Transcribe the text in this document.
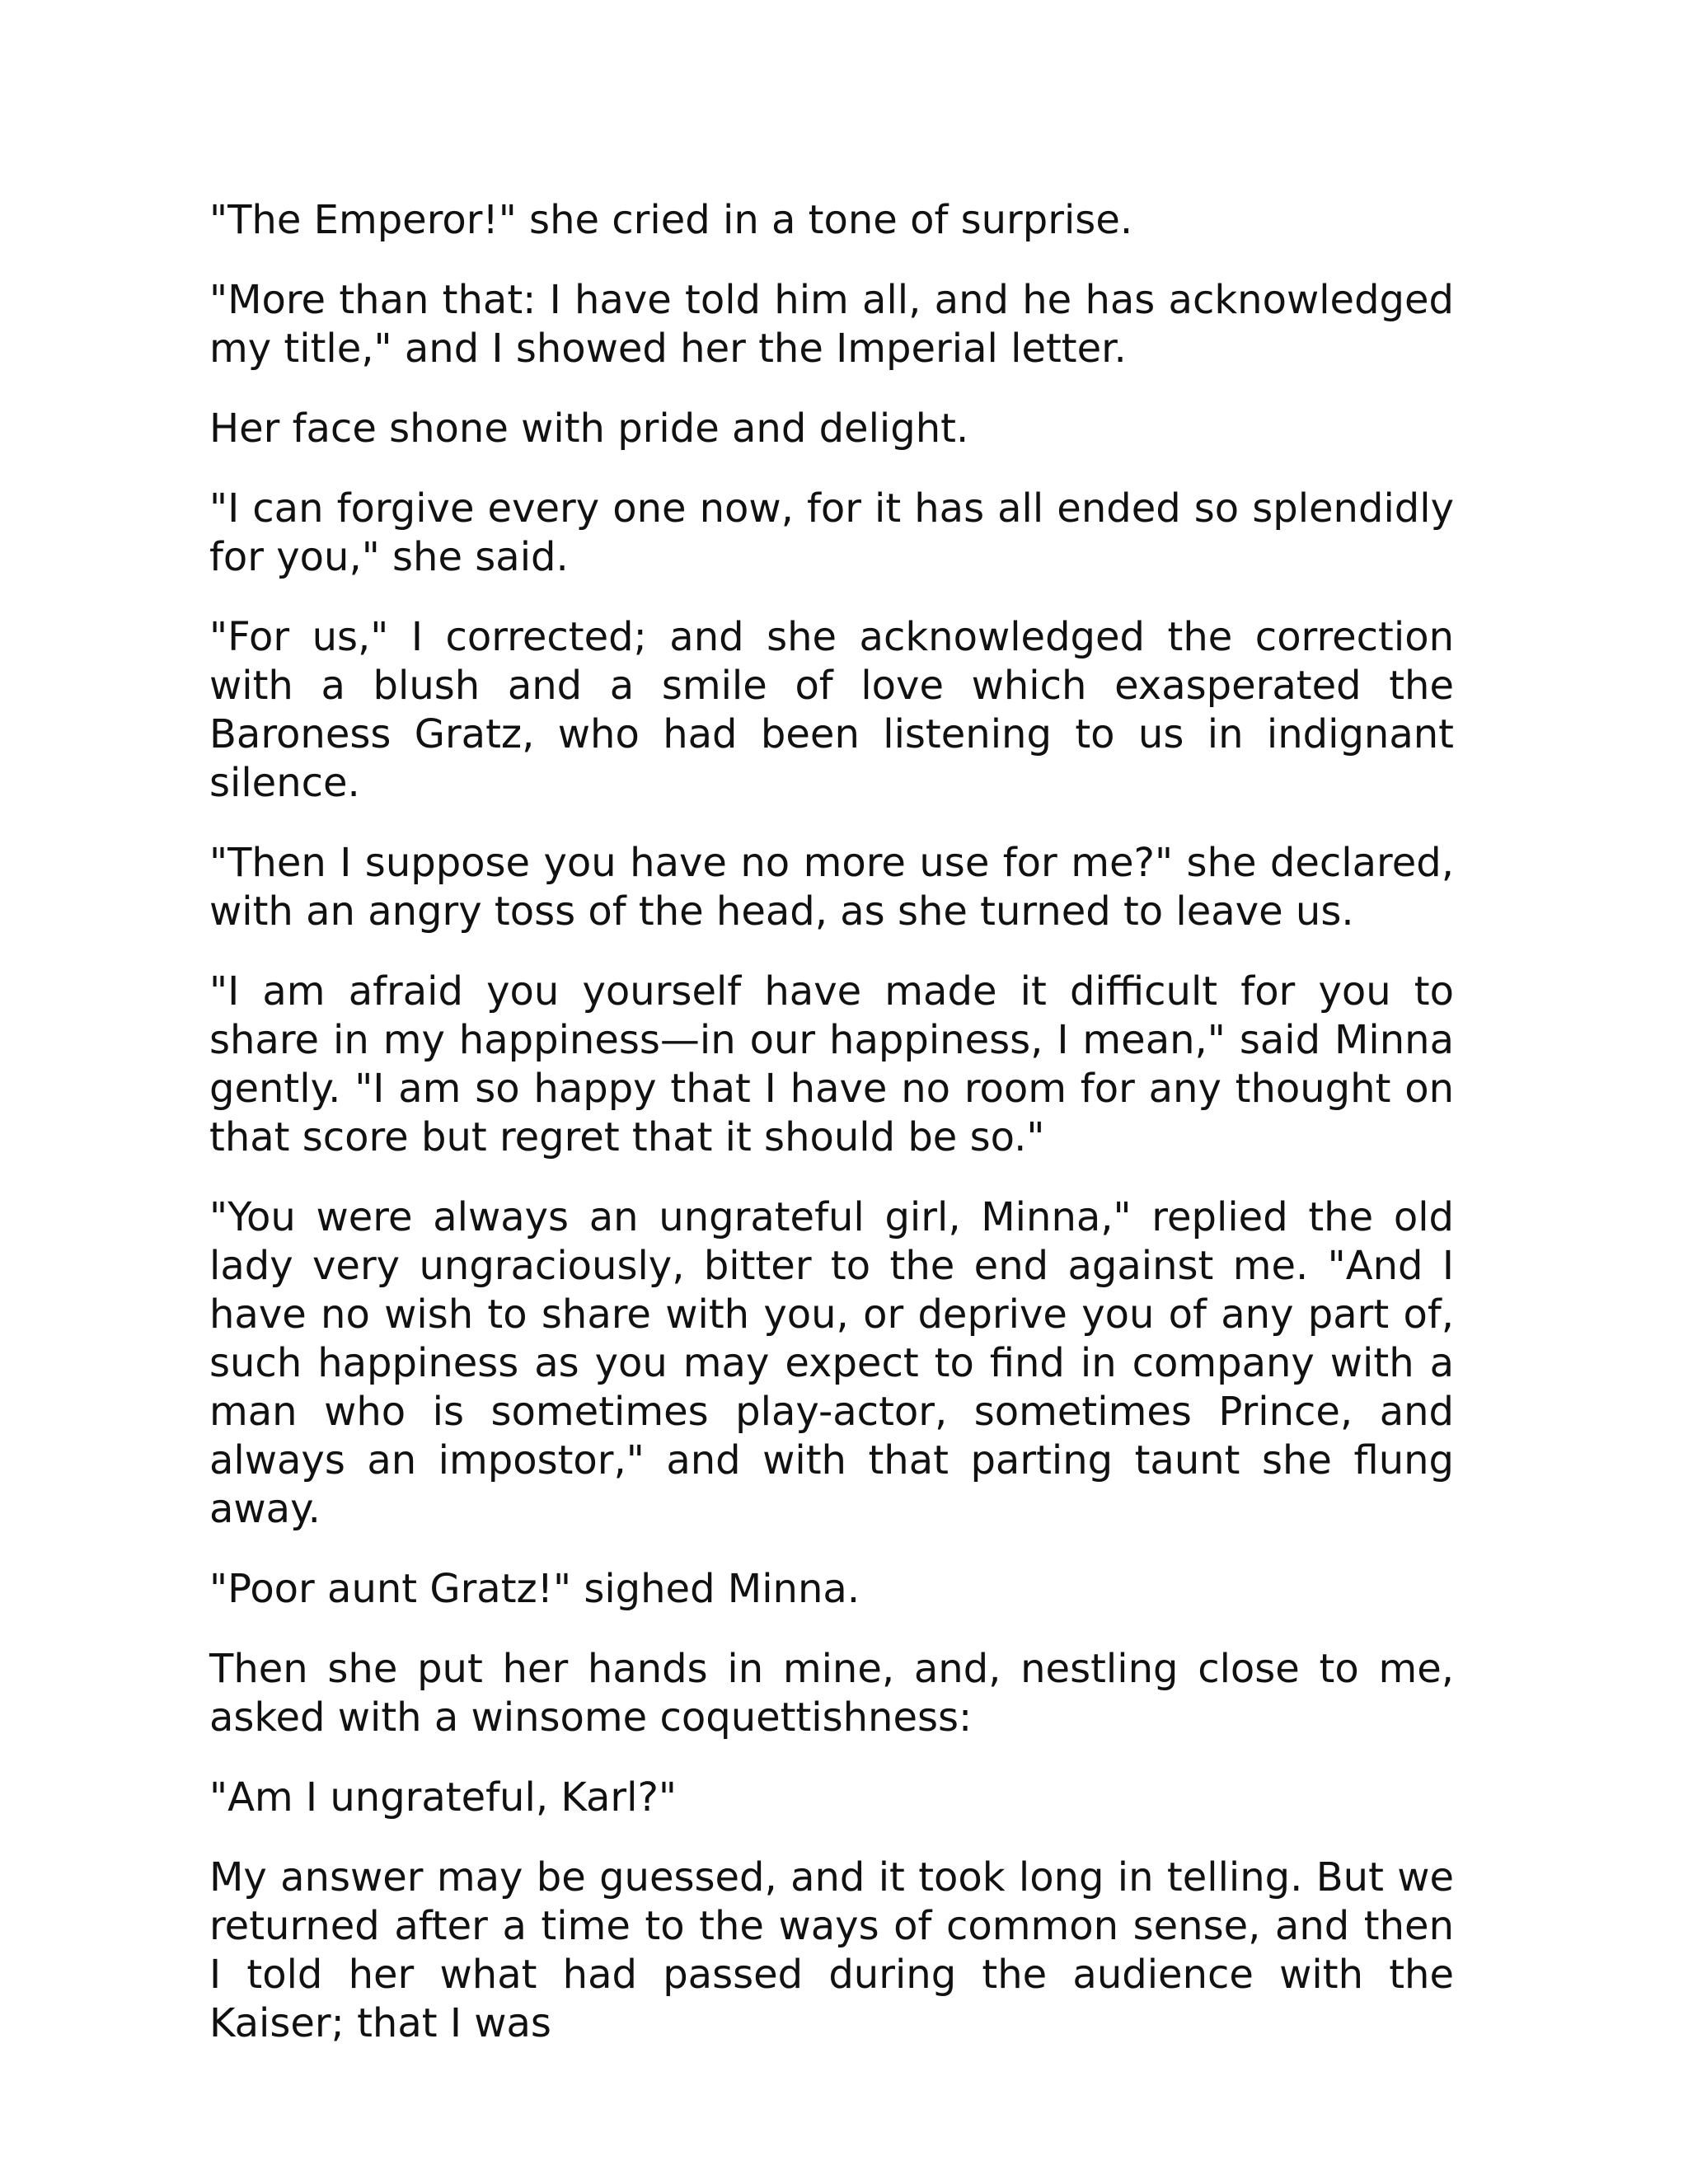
"The Emperor!" she cried in a tone of surprise.

"More than that: I have told him all, and he has acknowledged my title," and I showed her the Imperial letter.

Her face shone with pride and delight.

"I can forgive every one now, for it has all ended so splendidly for you," she said.

"For us," I corrected; and she acknowledged the correction with a blush and a smile of love which exasperated the Baroness Gratz, who had been listening to us in indignant silence.

"Then I suppose you have no more use for me?" she declared, with an angry toss of the head, as she turned to leave us.

"I am afraid you yourself have made it difficult for you to share in my happiness—in our happiness, I mean," said Minna gently. "I am so happy that I have no room for any thought on that score but regret that it should be so."

"You were always an ungrateful girl, Minna," replied the old lady very ungraciously, bitter to the end against me. "And I have no wish to share with you, or deprive you of any part of, such happiness as you may expect to find in company with a man who is sometimes play-actor, sometimes Prince, and always an impostor," and with that parting taunt she flung away.

"Poor aunt Gratz!" sighed Minna.

Then she put her hands in mine, and, nestling close to me, asked with a winsome coquettishness:

"Am I ungrateful, Karl?"

My answer may be guessed, and it took long in telling. But we returned after a time to the ways of common sense, and then I told her what had passed during the audience with the Kaiser; that I was
